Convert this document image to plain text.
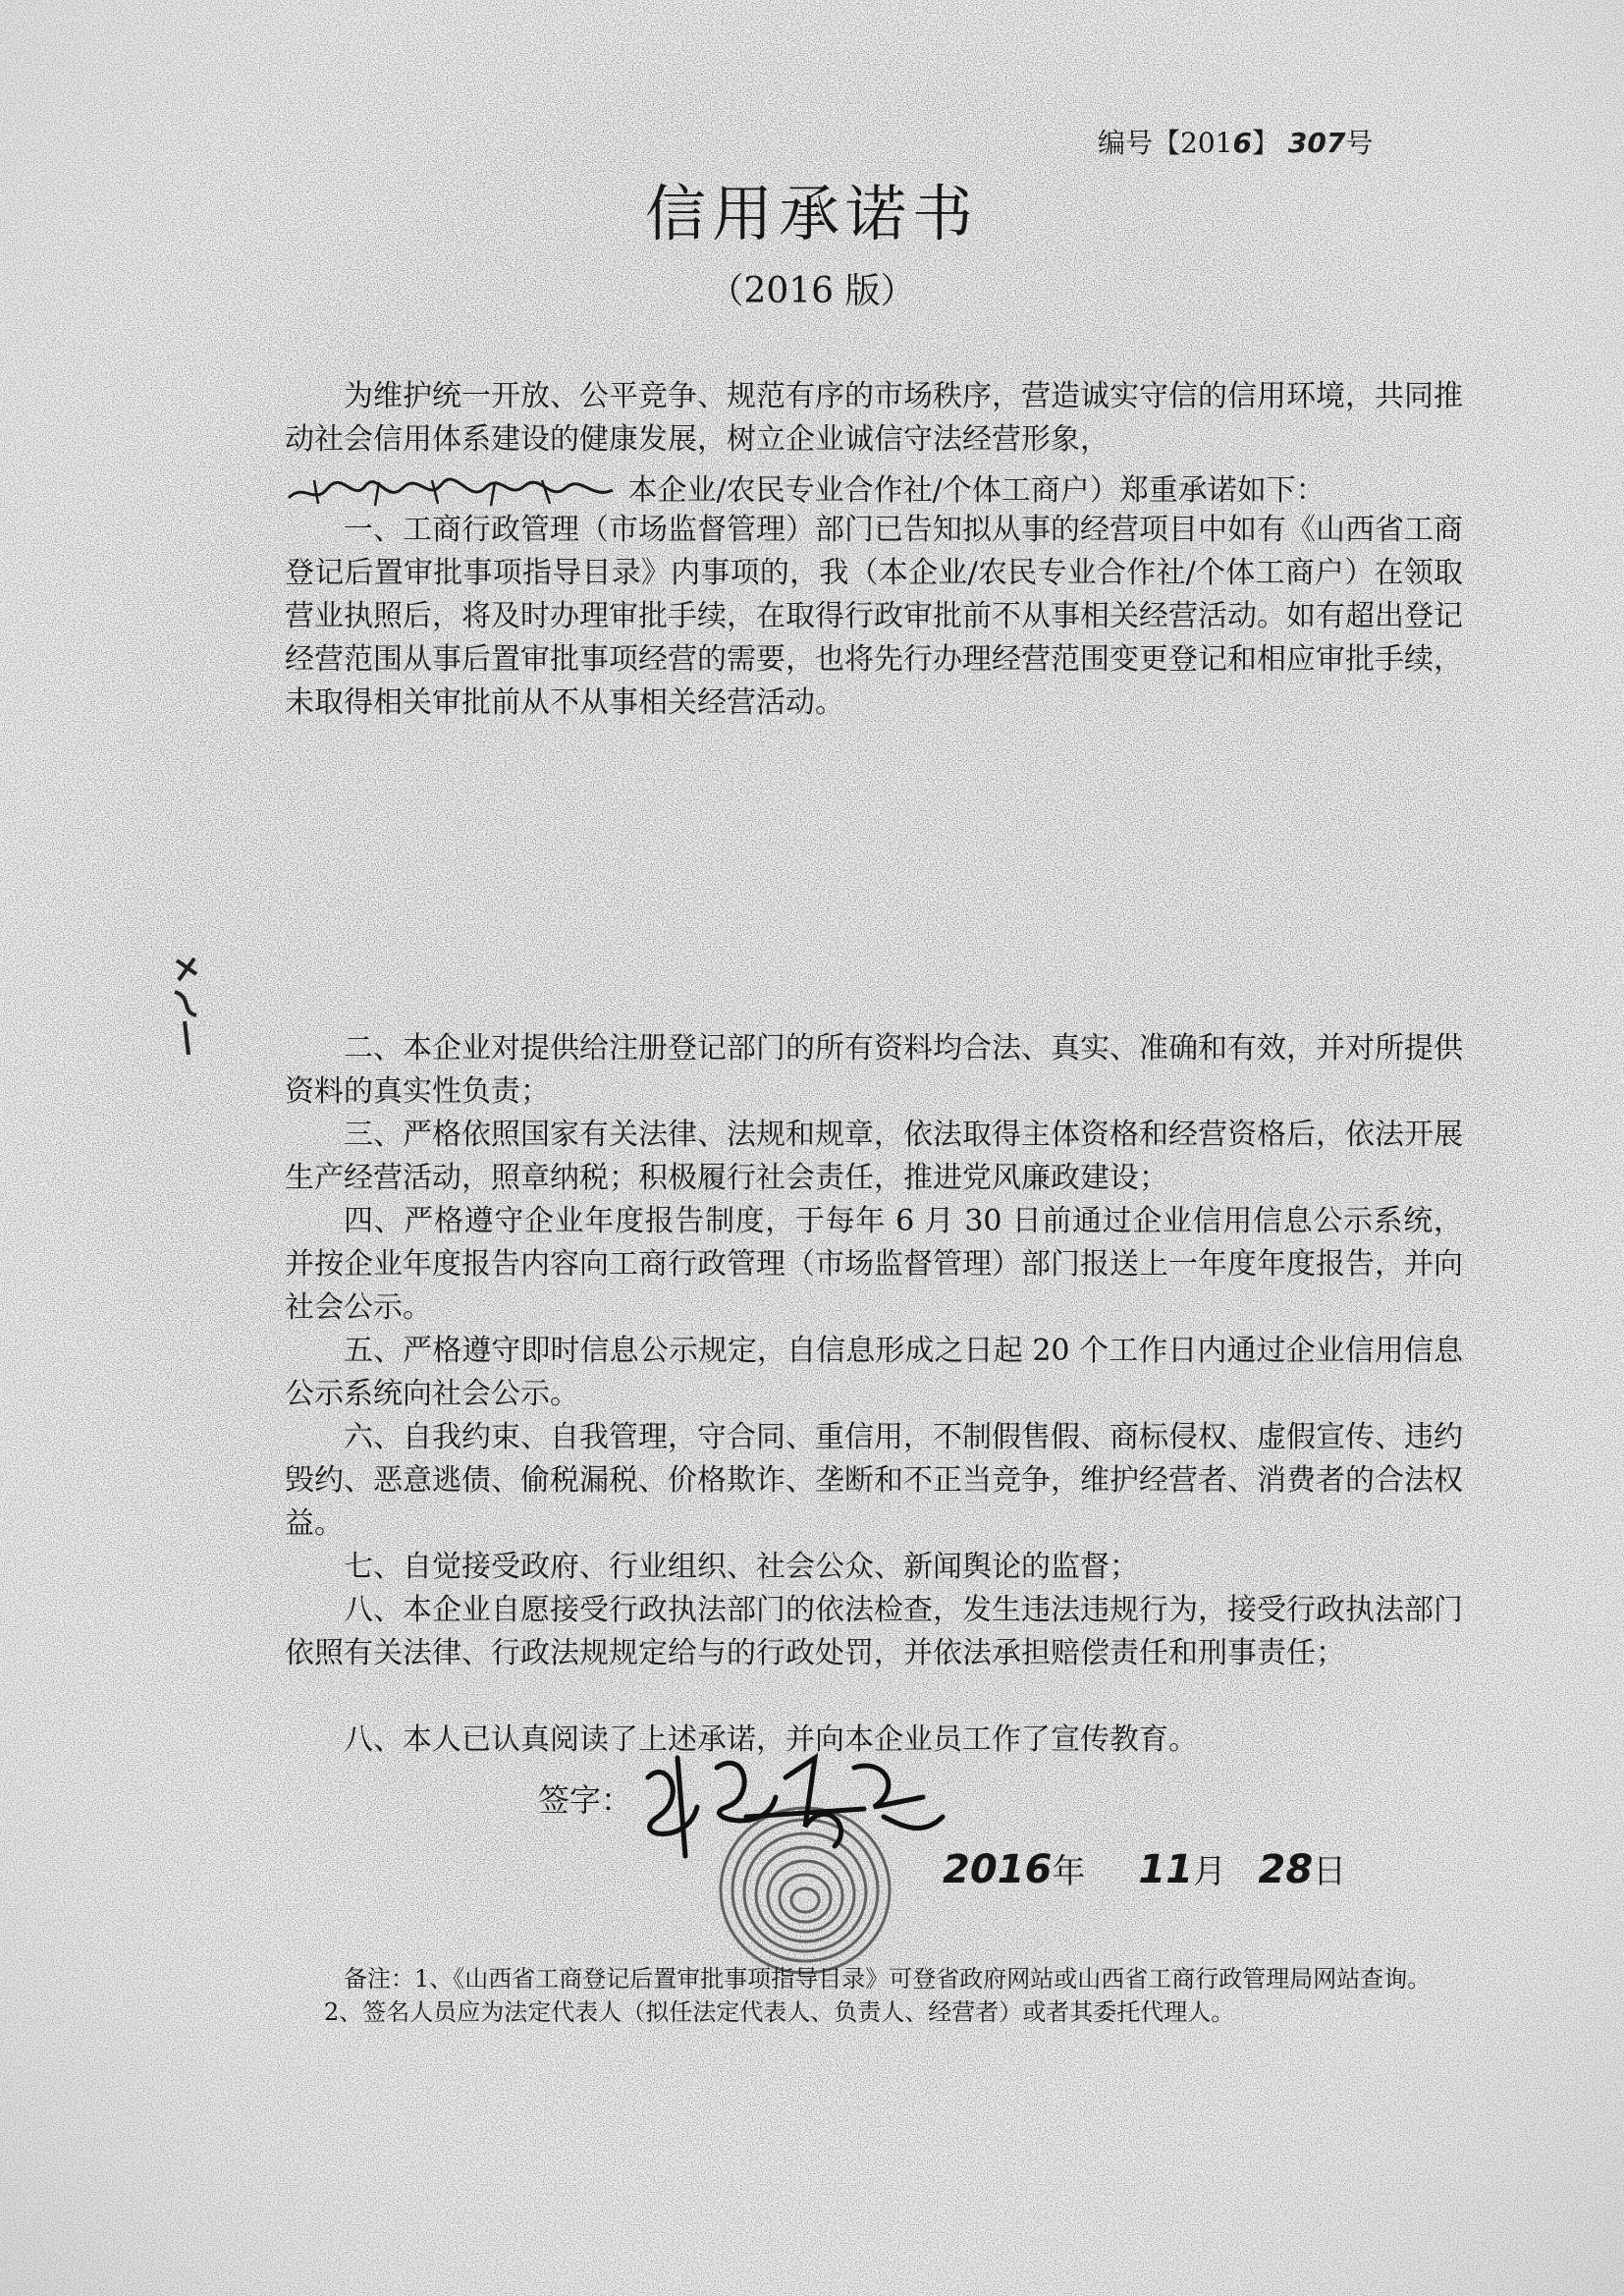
编号【2016】 307号
信用承诺书
（2016 版）

为维护统一开放、公平竞争、规范有序的市场秩序，营造诚实守信的信用环境，共同推动社会信用体系建设的健康发展，树立企业诚信守法经营形象，

本企业/农民专业合作社/个体工商户）郑重承诺如下：

一、工商行政管理（市场监督管理）部门已告知拟从事的经营项目中如有《山西省工商登记后置审批事项指导目录》内事项的，我（本企业/农民专业合作社/个体工商户）在领取营业执照后，将及时办理审批手续，在取得行政审批前不从事相关经营活动。如有超出登记经营范围从事后置审批事项经营的需要，也将先行办理经营范围变更登记和相应审批手续，未取得相关审批前从不从事相关经营活动。

二、本企业对提供给注册登记部门的所有资料均合法、真实、准确和有效，并对所提供资料的真实性负责；

三、严格依照国家有关法律、法规和规章，依法取得主体资格和经营资格后，依法开展生产经营活动，照章纳税；积极履行社会责任，推进党风廉政建设；

四、严格遵守企业年度报告制度，于每年 6 月 30 日前通过企业信用信息公示系统，并按企业年度报告内容向工商行政管理（市场监督管理）部门报送上一年度年度报告，并向社会公示。

五、严格遵守即时信息公示规定，自信息形成之日起 20 个工作日内通过企业信用信息公示系统向社会公示。

六、自我约束、自我管理，守合同、重信用，不制假售假、商标侵权、虚假宣传、违约毁约、恶意逃债、偷税漏税、价格欺诈、垄断和不正当竞争，维护经营者、消费者的合法权益。

七、自觉接受政府、行业组织、社会公众、新闻舆论的监督；

八、本企业自愿接受行政执法部门的依法检查，发生违法违规行为，接受行政执法部门依照有关法律、行政法规规定给与的行政处罚，并依法承担赔偿责任和刑事责任；

八、本人已认真阅读了上述承诺，并向本企业员工作了宣传教育。

签字：
2016年 11月 28日

备注：1、《山西省工商登记后置审批事项指导目录》可登省政府网站或山西省工商行政管理局网站查询。

2、签名人员应为法定代表人（拟任法定代表人、负责人、经营者）或者其委托代理人。
